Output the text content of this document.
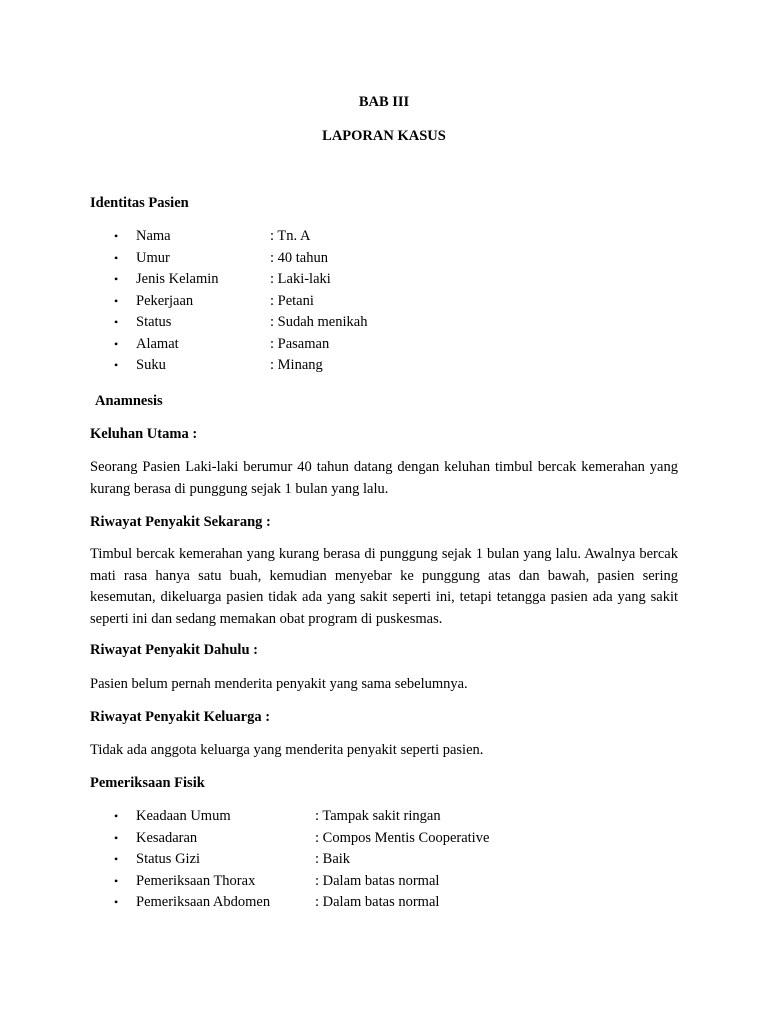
BAB III
LAPORAN KASUS
Identitas Pasien
• Nama	: Tn. A
• Umur	: 40 tahun
• Jenis Kelamin	: Laki-laki
• Pekerjaan	: Petani
• Status	: Sudah menikah
• Alamat	: Pasaman
• Suku	: Minang
Anamnesis
Keluhan Utama :
Seorang Pasien Laki-laki berumur 40 tahun datang dengan keluhan timbul bercak kemerahan yang kurang berasa di punggung sejak 1 bulan yang lalu.
Riwayat Penyakit Sekarang :
Timbul bercak kemerahan yang kurang berasa di punggung sejak 1 bulan yang lalu. Awalnya bercak mati rasa hanya satu buah, kemudian menyebar ke punggung atas dan bawah, pasien sering kesemutan, dikeluarga pasien tidak ada yang sakit seperti ini, tetapi tetangga pasien ada yang sakit seperti ini dan sedang memakan obat program di puskesmas.
Riwayat Penyakit Dahulu :
Pasien belum pernah menderita penyakit yang sama sebelumnya.
Riwayat Penyakit Keluarga :
Tidak ada anggota keluarga yang menderita penyakit seperti pasien.
Pemeriksaan Fisik
• Keadaan Umum	: Tampak sakit ringan
• Kesadaran	: Compos Mentis Cooperative
• Status Gizi	: Baik
• Pemeriksaan Thorax	: Dalam batas normal
• Pemeriksaan Abdomen	: Dalam batas normal
